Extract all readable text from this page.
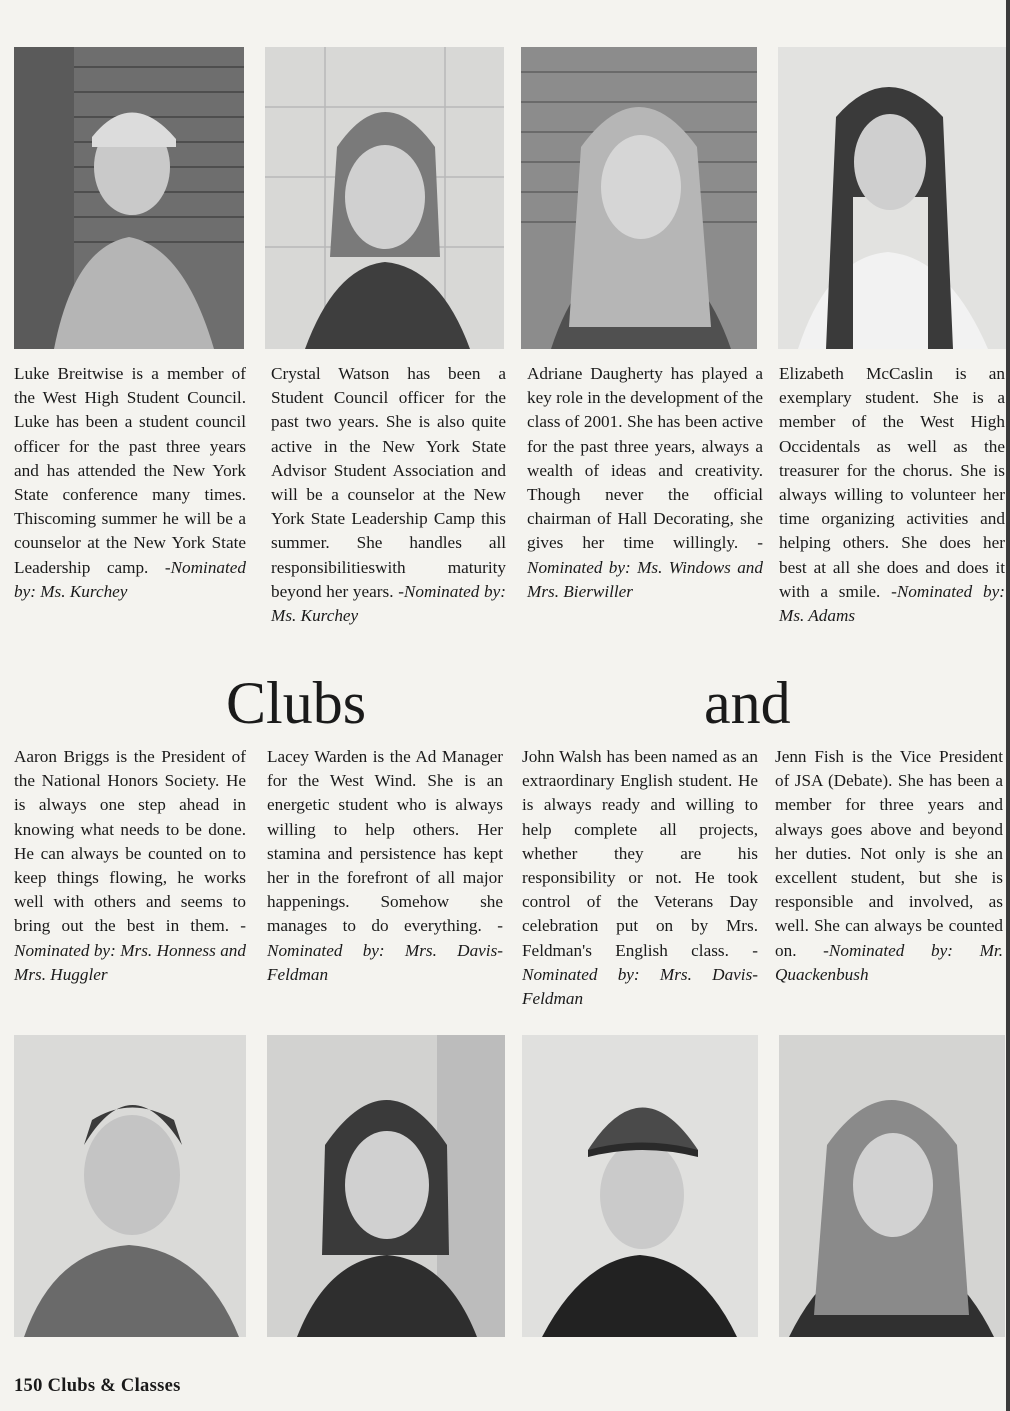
Luke Breitwise is a member of the West High Student Council. Luke has been a student council officer for the past three years and has attended the New York State conference many times. Thiscoming summer he will be a counselor at the New York State Leadership camp. -Nominated by: Ms. Kurchey
Crystal Watson has been a Student Council officer for the past two years. She is also quite active in the New York State Advisor Student Association and will be a counselor at the New York State Leadership Camp this summer. She handles all responsibilitieswith maturity beyond her years. -Nominated by: Ms. Kurchey
Adriane Daugherty has played a key role in the development of the class of 2001. She has been active for the past three years, always a wealth of ideas and creativity. Though never the official chairman of Hall Decorating, she gives her time willingly. -Nominated by: Ms. Windows and Mrs. Bierwiller
Elizabeth McCaslin is an exemplary student. She is a member of the West High Occidentals as well as the treasurer for the chorus. She is always willing to volunteer her time organizing activities and helping others. She does her best at all she does and does it with a smile. -Nominated by: Ms. Adams
Clubs	and
Aaron Briggs is the President of the National Honors Society. He is always one step ahead in knowing what needs to be done. He can always be counted on to keep things flowing, he works well with others and seems to bring out the best in them. - Nominated by: Mrs. Honness and Mrs. Huggler
Lacey Warden is the Ad Manager for the West Wind. She is an energetic student who is always willing to help others. Her stamina and persistence has kept her in the forefront of all major happenings. Somehow she manages to do everything. -Nominated by: Mrs. Davis-Feldman
John Walsh has been named as an extraordinary English student. He is always ready and willing to help complete all projects, whether they are his responsibility or not. He took control of the Veterans Day celebration put on by Mrs. Feldman's English class. -Nominated by: Mrs. Davis-Feldman
Jenn Fish is the Vice President of JSA (Debate). She has been a member for three years and always goes above and beyond her duties. Not only is she an excellent student, but she is responsible and involved, as well. She can always be counted on. -Nominated by: Mr. Quackenbush
150 Clubs & Classes
